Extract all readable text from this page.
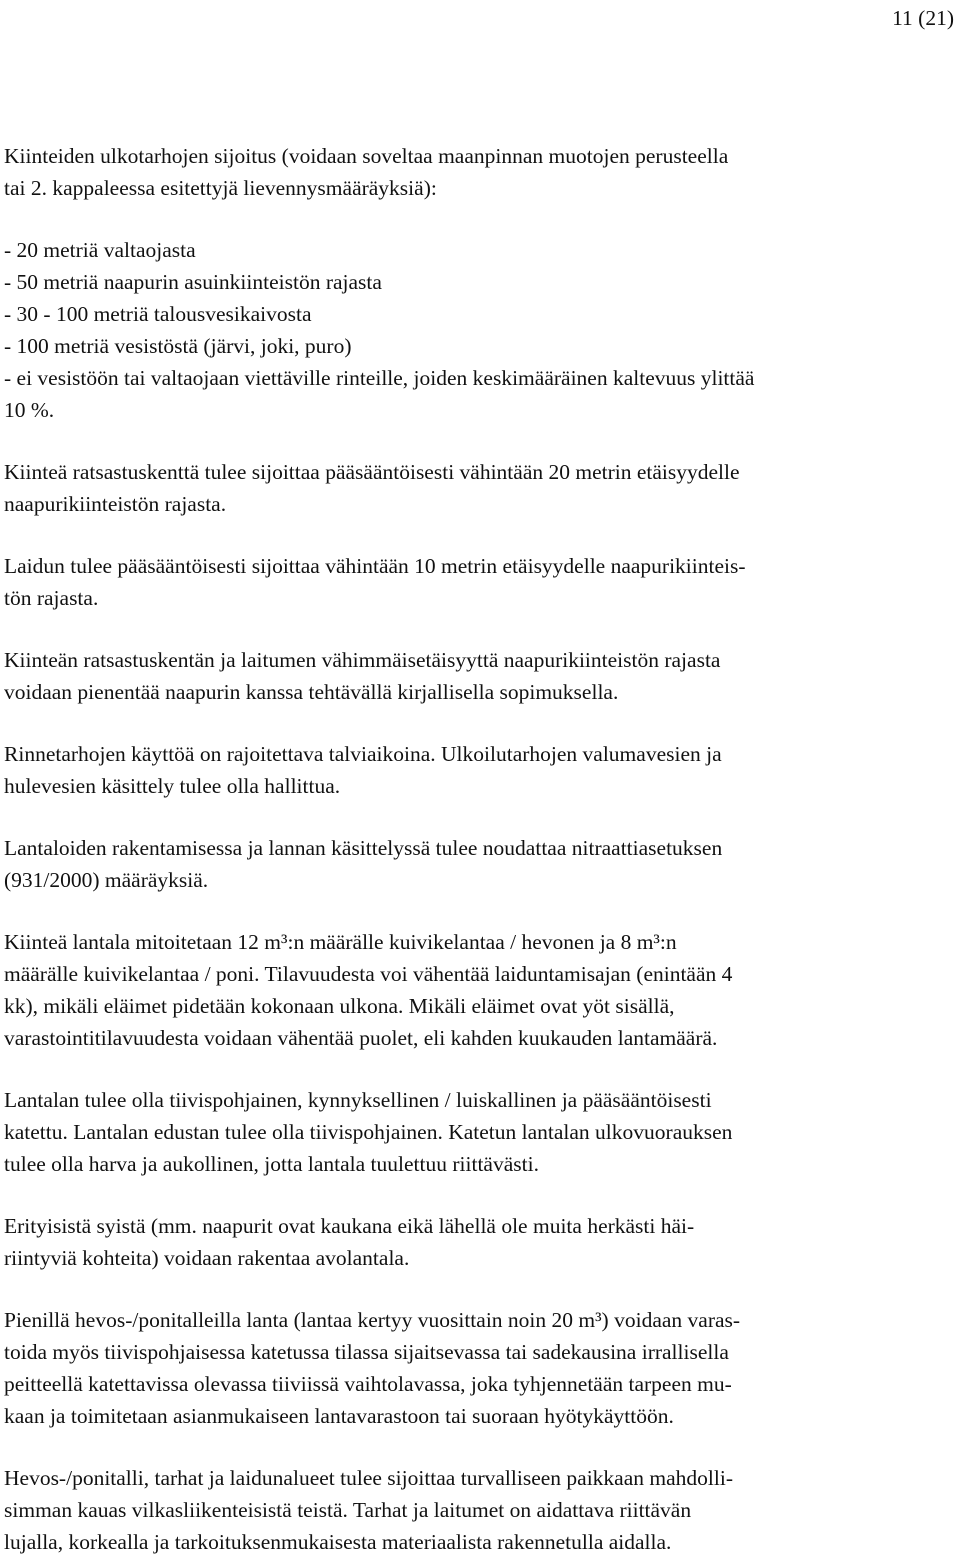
11 (21)

Kiinteiden ulkotarhojen sijoitus (voidaan soveltaa maanpinnan muotojen perusteella

tai 2. kappaleessa esitettyjä lievennysmääräyksiä):

- 20 metriä valtaojasta

- 50 metriä naapurin asuinkiinteistön rajasta

- 30 - 100 metriä talousvesikaivosta

- 100 metriä vesistöstä (järvi, joki, puro)

- ei vesistöön tai valtaojaan viettäville rinteille, joiden keskimääräinen kaltevuus ylittää

10 %.

Kiinteä ratsastuskenttä tulee sijoittaa pääsääntöisesti vähintään 20 metrin etäisyydelle

naapurikiinteistön rajasta.

Laidun tulee pääsääntöisesti sijoittaa vähintään 10 metrin etäisyydelle naapurikiinteis-

tön rajasta.

Kiinteän ratsastuskentän ja laitumen vähimmäisetäisyyttä naapurikiinteistön rajasta

voidaan pienentää naapurin kanssa tehtävällä kirjallisella sopimuksella.

Rinnetarhojen käyttöä on rajoitettava talviaikoina. Ulkoilutarhojen valumavesien ja

hulevesien käsittely tulee olla hallittua.

Lantaloiden rakentamisessa ja lannan käsittelyssä tulee noudattaa nitraattiasetuksen

(931/2000) määräyksiä.

Kiinteä lantala mitoitetaan 12 m³:n määrälle kuivikelantaa / hevonen ja 8 m³:n

määrälle kuivikelantaa / poni. Tilavuudesta voi vähentää laiduntamisajan (enintään 4

kk), mikäli eläimet pidetään kokonaan ulkona. Mikäli eläimet ovat yöt sisällä,

varastointitilavuudesta voidaan vähentää puolet, eli kahden kuukauden lantamäärä.

Lantalan tulee olla tiivispohjainen, kynnyksellinen / luiskallinen ja pääsääntöisesti

katettu. Lantalan edustan tulee olla tiivispohjainen. Katetun lantalan ulkovuorauksen

tulee olla harva ja aukollinen, jotta lantala tuulettuu riittävästi.

Erityisistä syistä (mm. naapurit ovat kaukana eikä lähellä ole muita herkästi häi-

riintyviä kohteita) voidaan rakentaa avolantala.

Pienillä hevos-/ponitalleilla lanta (lantaa kertyy vuosittain noin 20 m³) voidaan varas-

toida myös tiivispohjaisessa katetussa tilassa sijaitsevassa tai sadekausina irrallisella

peitteellä katettavissa olevassa tiiviissä vaihtolavassa, joka tyhjennetään tarpeen mu-

kaan ja toimitetaan asianmukaiseen lantavarastoon tai suoraan hyötykäyttöön.

Hevos-/ponitalli, tarhat ja laidunalueet tulee sijoittaa turvalliseen paikkaan mahdolli-

simman kauas vilkasliikenteisistä teistä. Tarhat ja laitumet on aidattava riittävän

lujalla, korkealla ja tarkoituksenmukaisesta materiaalista rakennetulla aidalla.
